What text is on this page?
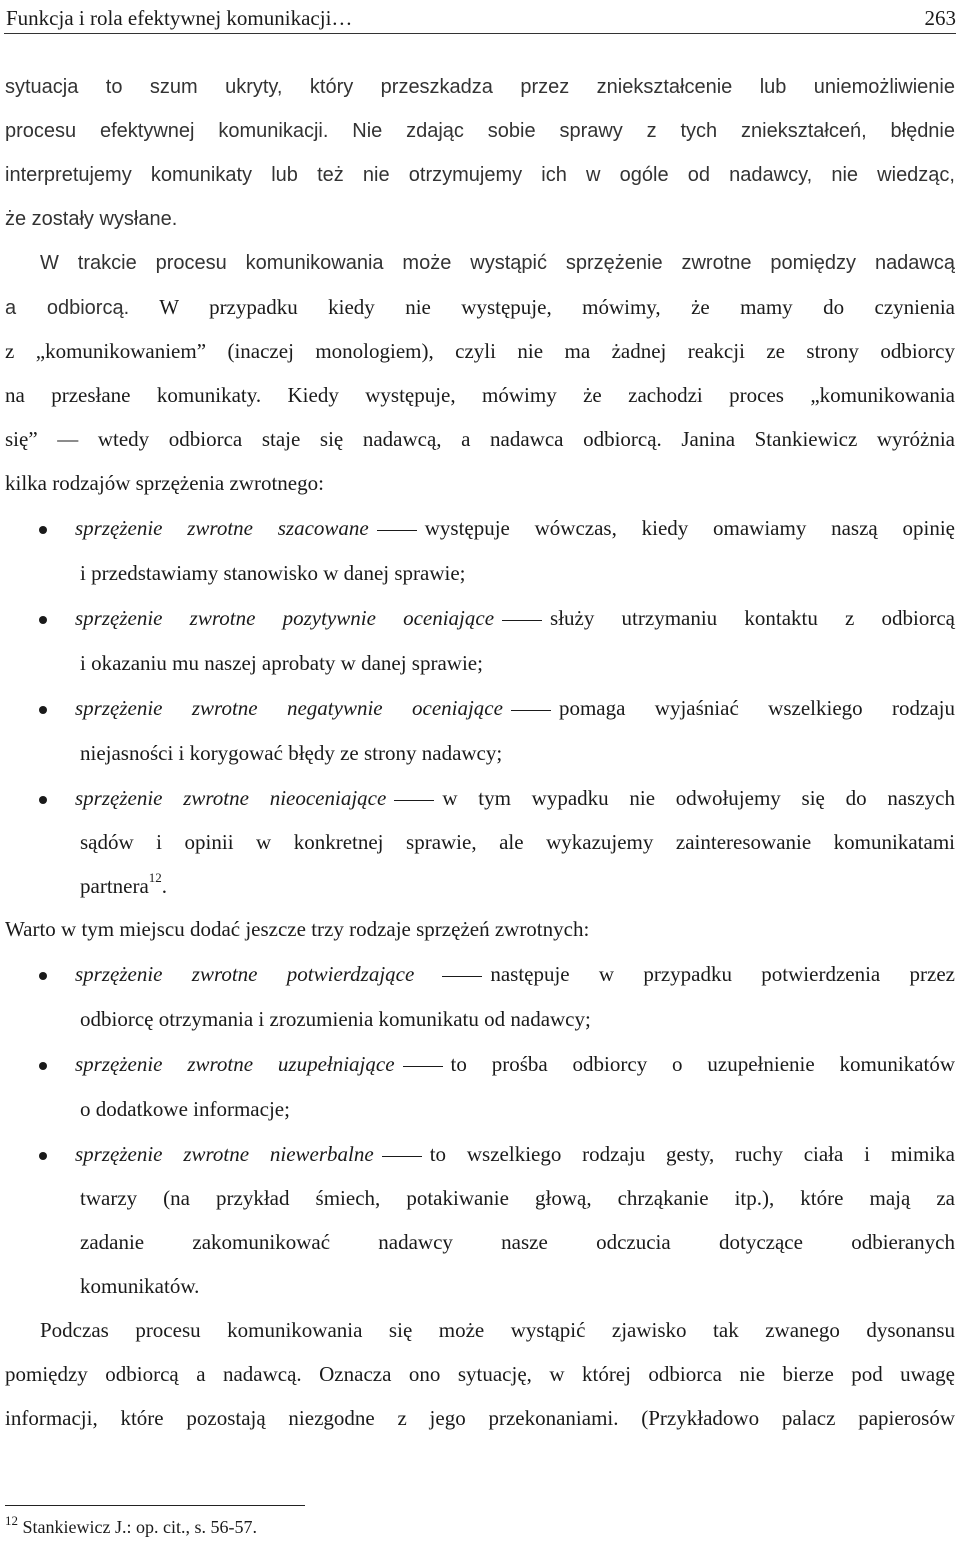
Funkcja i rola efektywnej komunikacji…	263
sytuacja to szum ukryty, który przeszkadza przez zniekształcenie lub uniemożliwienie
procesu efektywnej komunikacji. Nie zdając sobie sprawy z tych zniekształceń, błędnie
interpretujemy komunikaty lub też nie otrzymujemy ich w ogóle od nadawcy, nie wiedząc,
że zostały wysłane.
W trakcie procesu komunikowania może wystąpić sprzężenie zwrotne pomiędzy nadawcą
a odbiorcą. W przypadku kiedy nie występuje, mówimy, że mamy do czynienia
z „komunikowaniem” (inaczej monologiem), czyli nie ma żadnej reakcji ze strony odbiorcy
na przesłane komunikaty. Kiedy występuje, mówimy że zachodzi proces „komunikowania
się” — wtedy odbiorca staje się nadawcą, a nadawca odbiorcą. Janina Stankiewicz wyróżnia
kilka rodzajów sprzężenia zwrotnego:
sprzężenie zwrotne szacowane	występuje wówczas, kiedy omawiamy naszą opinię
i przedstawiamy stanowisko w danej sprawie;
sprzężenie zwrotne pozytywnie oceniające	służy utrzymaniu kontaktu z odbiorcą
i okazaniu mu naszej aprobaty w danej sprawie;
sprzężenie zwrotne negatywnie oceniające	pomaga wyjaśniać wszelkiego rodzaju
niejasności i korygować błędy ze strony nadawcy;
sprzężenie zwrotne nieoceniające	w tym wypadku nie odwołujemy się do naszych
sądów i opinii w konkretnej sprawie, ale wykazujemy zainteresowanie komunikatami
partnera$^{12}$.
Warto w tym miejscu dodać jeszcze trzy rodzaje sprzężeń zwrotnych:
sprzężenie zwrotne potwierdzające	następuje w przypadku potwierdzenia przez
odbiorcę otrzymania i zrozumienia komunikatu od nadawcy;
sprzężenie zwrotne uzupełniające	to prośba odbiorcy o uzupełnienie komunikatów
o dodatkowe informacje;
sprzężenie zwrotne niewerbalne	to wszelkiego rodzaju gesty, ruchy ciała i mimika
twarzy (na przykład śmiech, potakiwanie głową, chrząkanie itp.), które mają za
zadanie zakomunikować nadawcy nasze odczucia dotyczące odbieranych
komunikatów.
Podczas procesu komunikowania się może wystąpić zjawisko tak zwanego dysonansu
pomiędzy odbiorcą a nadawcą. Oznacza ono sytuację, w której odbiorca nie bierze pod uwagę
informacji, które pozostają niezgodne z jego przekonaniami. (Przykładowo palacz papierosów
$^{12}$ Stankiewicz J.: op. cit., s. 56-57.
